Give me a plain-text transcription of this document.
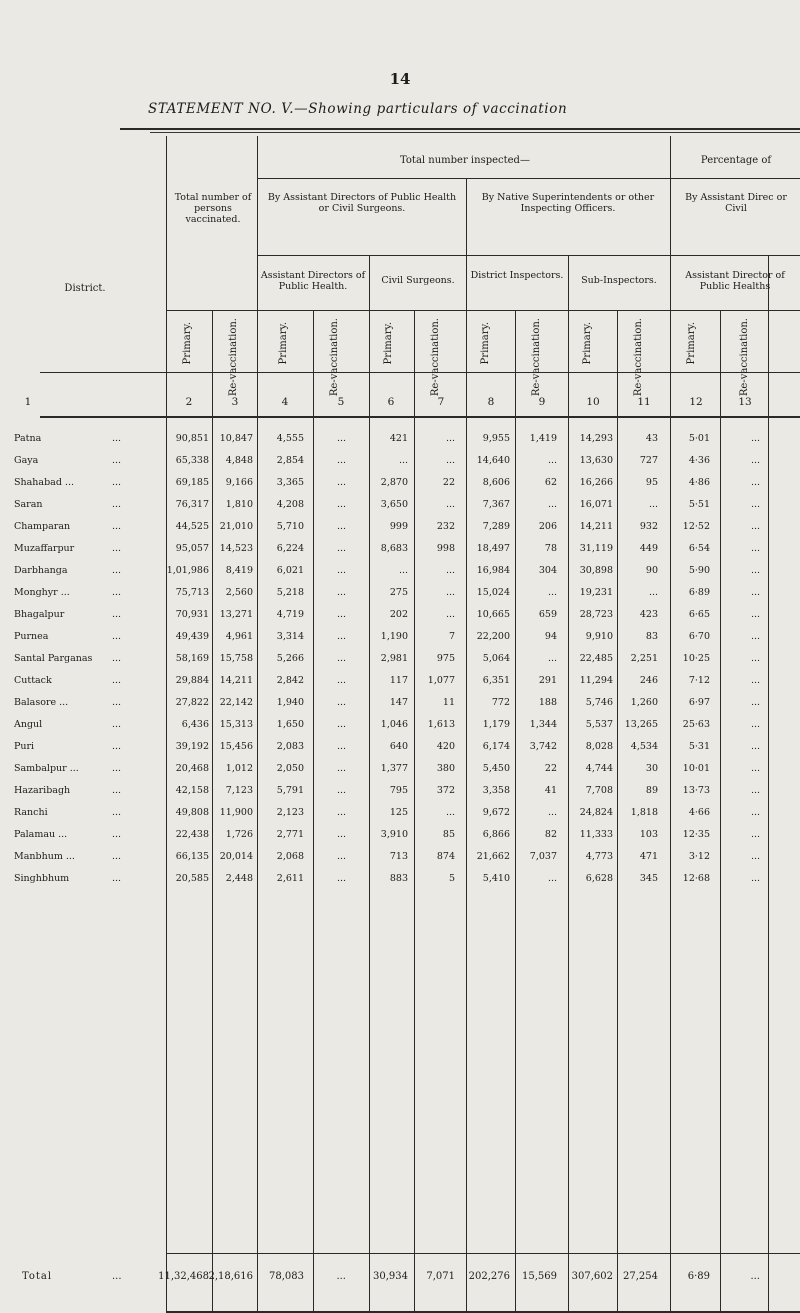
14
STATEMENT NO. V.—Showing particulars of vaccination
District.
Total number of persons vaccinated.
Total number inspected—	Percentage of
By Assistant Directors of Public Health or Civil Surgeons.
By Native Superintendents or other Inspecting Officers.
By Assistant Direc or Civil
Assistant Directors of Public Health.
Civil Surgeons.	District Inspectors.	Sub-Inspectors.	Assistant Director of Public Healths
Primary.	Re-vaccination.	Primary.	Re-vaccination.	Primary.	Re-vaccination.	Primary.	Re-vaccination.	Primary.	Re-vaccination.	Primary.	Re-vaccination.
1	2	3	4	5	6	7	8	9	10	11	12	13
Patna	...	90,851 10,847	4,555	...	421	...	9,955 1,419 14,293	43	5·01	...
Gaya	...	65,338 4,848	2,854	...	...	... 14,640	... 13,630	727	4·36	...
Shahabad ...	...	69,185 9,166	3,365	...	2,870	22	8,606	62 16,266	95	4·86	...
Saran	...	76,317 1,810	4,208	...	3,650	...	7,367	... 16,071	...	5·51	...
Champaran	...	44,525 21,010	5,710	...	999	232	7,289	206 14,211	932	12·52	...
Muzaffarpur	...	95,057 14,523	6,224	...	8,683	998 18,497	78 31,119	449	6·54	...
Darbhanga	...	1,01,986 8,419	6,021	...	...	... 16,984	304 30,898	90	5·90	...
Monghyr ...	...	75,713 2,560	5,218	...	275	... 15,024	... 19,231	...	6·89	...
Bhagalpur	...	70,931 13,271	4,719	...	202	... 10,665	659 28,723	423	6·65	...
Purnea	...	49,439 4,961	3,314	...	1,190	7 22,200	94	9,910	83	6·70	...
Santal Parganas ...	58,169 15,758	5,266	...	2,981	975	5,064	... 22,485 2,251	10·25	...
Cuttack	...	29,884 14,211	2,842	...	117 1,077	6,351	291 11,294	246	7·12	...
Balasore ...	...	27,822 22,142	1,940	...	147	11	772	188	5,746 1,260	6·97	...
Angul	...	6,436 15,313	1,650	...	1,046 1,613	1,179 1,344	5,537 13,265	25·63	...
Puri	...	39,192 15,456	2,083	...	640	420	6,174 3,742	8,028 4,534	5·31	...
Sambalpur ...	...	20,468 1,012	2,050	...	1,377	380	5,450	22	4,744	30	10·01	...
Hazaribagh	...	42,158 7,123	5,791	...	795	372	3,358	41	7,708	89	13·73	...
Ranchi	...	49,808 11,900	2,123	...	125	...	9,672	... 24,824 1,818	4·66	...
Palamau ...	...	22,438 1,726	2,771	...	3,910	85	6,866	82 11,333	103	12·35	...
Manbhum ...	...	66,135 20,014	2,068	...	713	874 21,662 7,037	4,773	471	3·12	...
Singhbhum	...	20,585 2,448	2,611	...	883	5	5,410	...	6,628	345	12·68	...
Total	...	11,32,468 2,18,616 78,083	...	30,934 7,071 202,276 15,569 307,602 27,254	6·89	...
